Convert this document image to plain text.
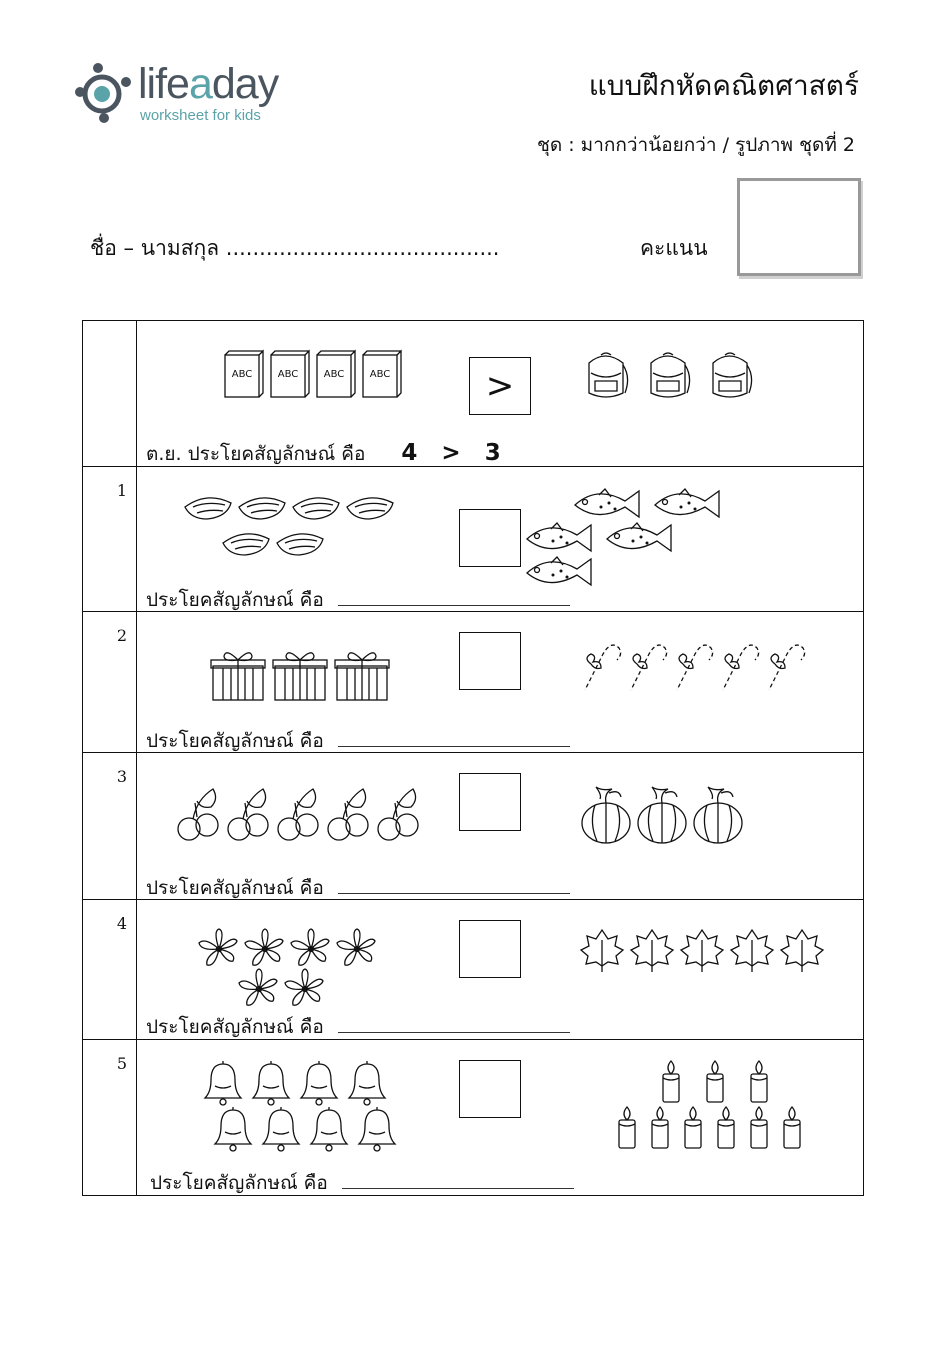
lifeaday
worksheet for kids
แบบฝึกหัดคณิตศาสตร์
ชุด : มากกว่าน้อยกว่า / รูปภาพ ชุดที่ 2
ชื่อ – นามสกุล .........................................	คะแนน
ABC	ABC	ABC	ABC	>
ต.ย. ประโยคสัญลักษณ์ คือ 4 > 3
1
ประโยคสัญลักษณ์ คือ
2
ประโยคสัญลักษณ์ คือ
3
ประโยคสัญลักษณ์ คือ
4
ประโยคสัญลักษณ์ คือ
5
ประโยคสัญลักษณ์ คือ
